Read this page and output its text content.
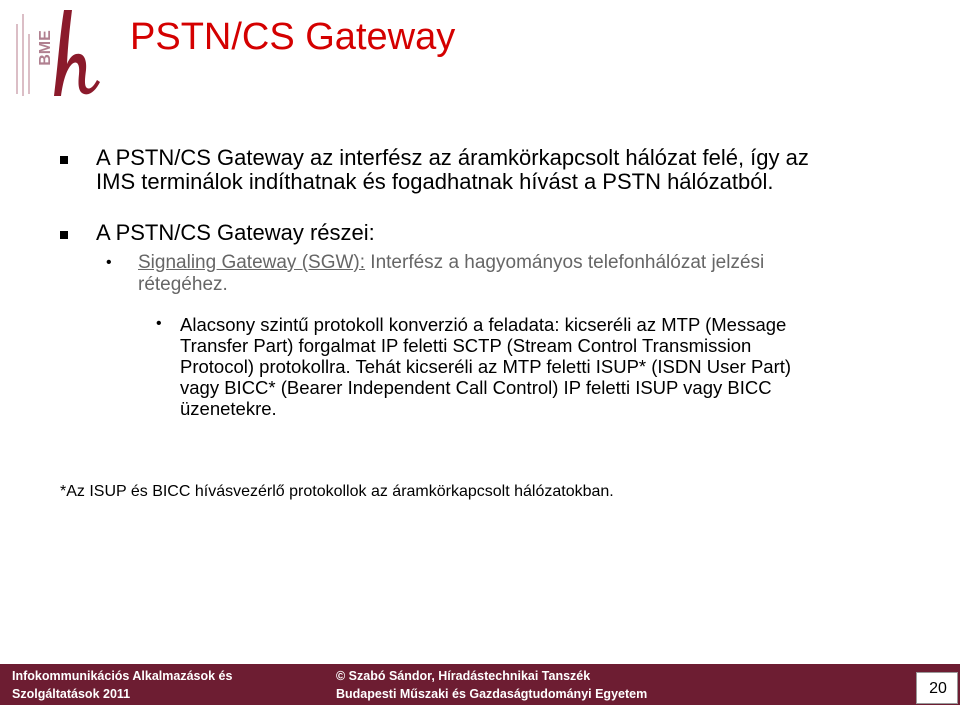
BME PSTN/CS Gateway
A PSTN/CS Gateway az interfész az áramkörkapcsolt hálózat felé, így az
IMS terminálok indíthatnak és fogadhatnak hívást a PSTN hálózatból.
A PSTN/CS Gateway részei:
• Signaling Gateway (SGW): Interfész a hagyományos telefonhálózat jelzési
rétegéhez.
• Alacsony szintű protokoll konverzió a feladata: kicseréli az MTP (Message
Transfer Part) forgalmat IP feletti SCTP (Stream Control Transmission
Protocol) protokollra. Tehát kicseréli az MTP feletti ISUP* (ISDN User Part)
vagy BICC* (Bearer Independent Call Control) IP feletti ISUP vagy BICC
üzenetekre.
*Az ISUP és BICC hívásvezérlő protokollok az áramkörkapcsolt hálózatokban.
Infokommunikációs Alkalmazások és
Szolgáltatások 2011
© Szabó Sándor, Híradástechnikai Tanszék
Budapesti Műszaki és Gazdaságtudományi Egyetem	20
